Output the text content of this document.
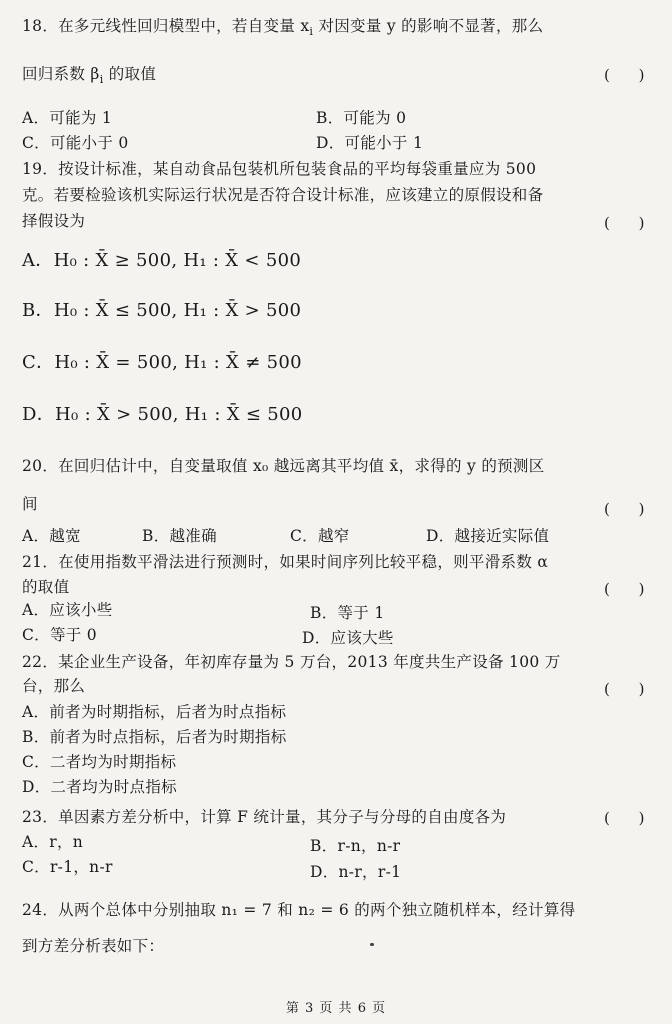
18．在多元线性回归模型中，若自变量 $x_i$ 对因变量 y 的影响不显著，那么
回归系数 $\beta_i$ 的取值	( )
A．可能为 1	B．可能为 0
C．可能小于 0	D．可能小于 1
19．按设计标准，某自动食品包装机所包装食品的平均每袋重量应为 500
克。若要检验该机实际运行状况是否符合设计标准，应该建立的原假设和备
择假设为	( )
A．H₀ : X̄ ≥ 500, H₁ : X̄ < 500
B．H₀ : X̄ ≤ 500, H₁ : X̄ > 500
C．H₀ : X̄ = 500, H₁ : X̄ ≠ 500
D．H₀ : X̄ > 500, H₁ : X̄ ≤ 500
20．在回归估计中，自变量取值 x₀ 越远离其平均值 x̄，求得的 y 的预测区
间	( )
A．越宽	B．越准确	C．越窄	D．越接近实际值
21．在使用指数平滑法进行预测时，如果时间序列比较平稳，则平滑系数 α
的取值	( )
A．应该小些	B．等于 1
C．等于 0	D．应该大些
22．某企业生产设备，年初库存量为 5 万台，2013 年度共生产设备 100 万
台，那么	( )
A．前者为时期指标，后者为时点指标
B．前者为时点指标，后者为时期指标
C．二者均为时期指标
D．二者均为时点指标
23．单因素方差分析中，计算 F 统计量，其分子与分母的自由度各为	( )
A．r，n	B．r-n，n-r
C．r-1，n-r	D．n-r，r-1
24．从两个总体中分别抽取 n₁ = 7 和 n₂ = 6 的两个独立随机样本，经计算得
到方差分析表如下：
第 3 页 共 6 页
